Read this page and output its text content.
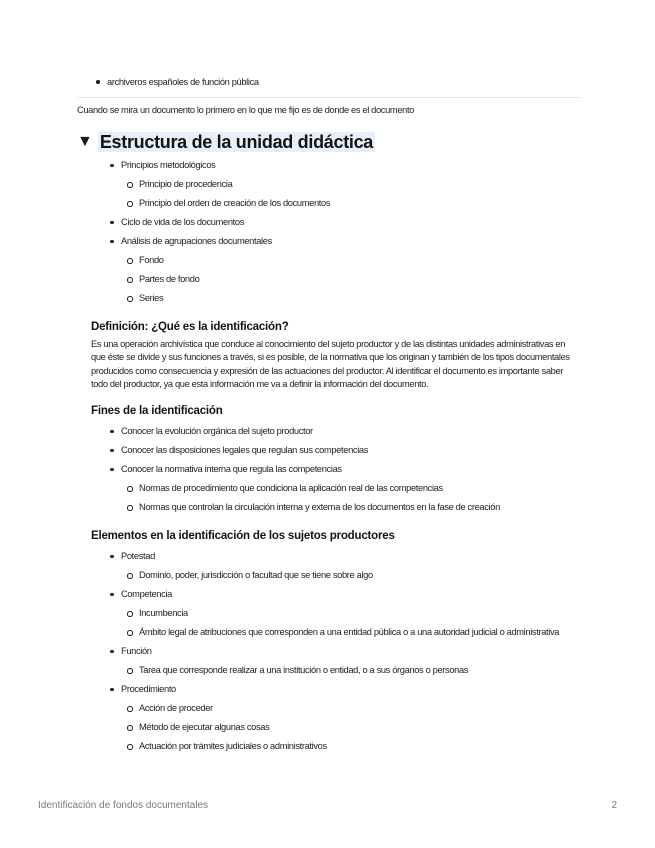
archiveros españoles de función pública

Cuando se mira un documento lo primero en lo que me fijo es de donde es el documento

▼ Estructura de la unidad didáctica
Principios metodológicos
Principio de procedencia
Principio del orden de creación de los documentos
Ciclo de vida de los documentos
Análisis de agrupaciones documentales
Fondo
Partes de fondo
Series
Definición: ¿Qué es la identificación?

Es una operación archivística que conduce al conocimiento del sujeto productor y de las distintas unidades administrativas en que éste se divide y sus funciones a través, si es posible, de la normativa que los originan y también de los tipos documentales producidos como consecuencia y expresión de las actuaciones del productor. Al identificar el documento es importante saber todo del productor, ya que esta información me va a definir la información del documento.

Fines de la identificación
Conocer la evolución orgánica del sujeto productor
Conocer las disposiciones legales que regulan sus competencias
Conocer la normativa interna que regula las competencias
Normas de procedimiento que condiciona la aplicación real de las competencias
Normas que controlan la circulación interna y externa de los documentos en la fase de creación
Elementos en la identificación de los sujetos productores
Potestad
Dominio, poder, jurisdicción o facultad que se tiene sobre algo
Competencia
Incumbencia
Ámbito legal de atribuciones que corresponden a una entidad pública o a una autoridad judicial o administrativa
Función
Tarea que corresponde realizar a una institución o entidad, o a sus órganos o personas
Procedimiento
Acción de proceder
Método de ejecutar algunas cosas
Actuación por trámites judiciales o administrativos
Identificación de fondos documentales	2
